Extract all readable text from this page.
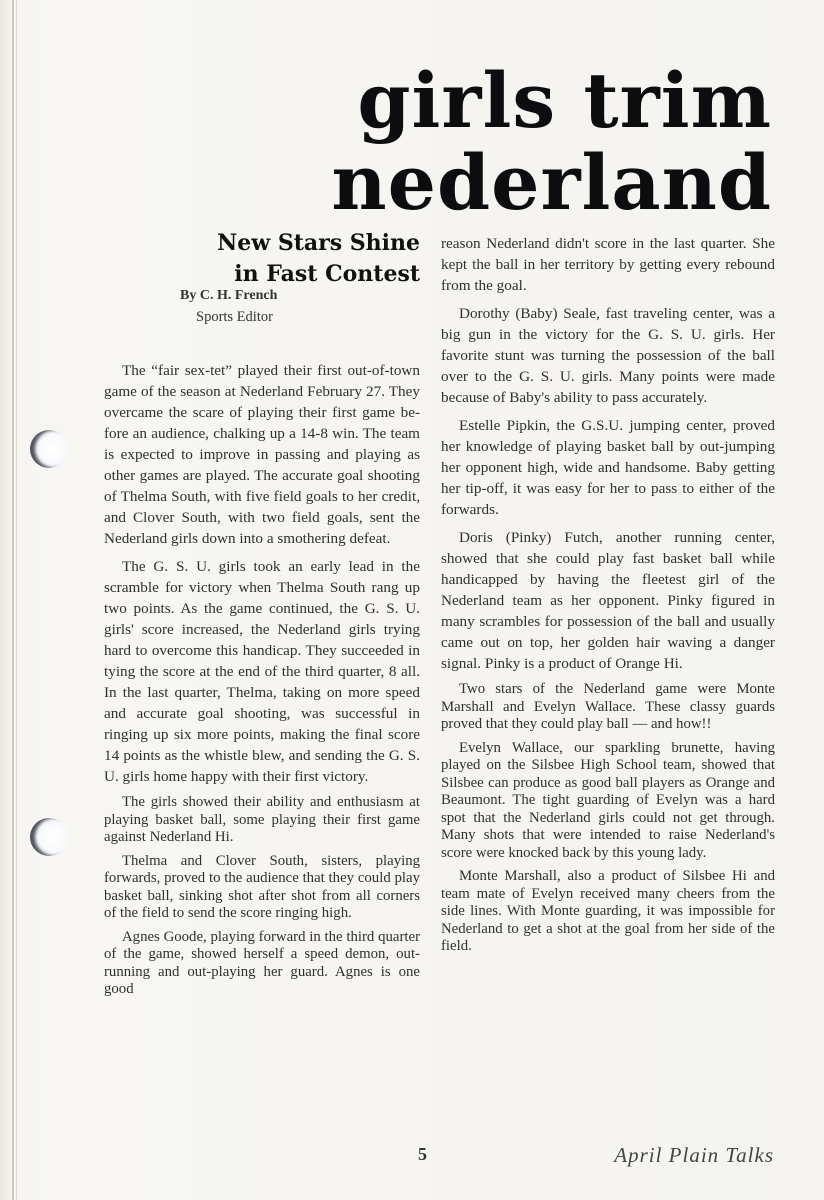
girls trim
nederland
New Stars Shine
in Fast Contest
By C. H. French
Sports Editor

The “fair sex-tet” played their first out-of-town game of the season at Nederland February 27. They overcame the scare of playing their first game before an audience, chalking up a 14-8 win. The team is expected to improve in passing and playing as other games are played. The accurate goal shooting of Thelma South, with five field goals to her credit, and Clover South, with two field goals, sent the Nederland girls down into a smothering defeat.

The G. S. U. girls took an early lead in the scramble for victory when Thelma South rang up two points. As the game continued, the G. S. U. girls' score increased, the Nederland girls trying hard to overcome this handicap. They succeeded in tying the score at the end of the third quarter, 8 all. In the last quarter, Thelma, taking on more speed and accurate goal shooting, was successful in ringing up six more points, making the final score 14 points as the whistle blew, and sending the G. S. U. girls home happy with their first victory.

The girls showed their ability and enthusiasm at playing basket ball, some playing their first game against Nederland Hi.

Thelma and Clover South, sisters, playing forwards, proved to the audience that they could play basket ball, sinking shot after shot from all corners of the field to send the score ringing high.

Agnes Goode, playing forward in the third quarter of the game, showed herself a speed demon, out-running and out-playing her guard. Agnes is one good

reason Nederland didn't score in the last quarter. She kept the ball in her territory by getting every rebound from the goal.

Dorothy (Baby) Seale, fast traveling center, was a big gun in the victory for the G. S. U. girls. Her favorite stunt was turning the possession of the ball over to the G. S. U. girls. Many points were made because of Baby's ability to pass accurately.

Estelle Pipkin, the G.S.U. jumping center, proved her knowledge of playing basket ball by out-jumping her opponent high, wide and handsome. Baby getting her tip-off, it was easy for her to pass to either of the forwards.

Doris (Pinky) Futch, another running center, showed that she could play fast basket ball while handicapped by having the fleetest girl of the Nederland team as her opponent. Pinky figured in many scrambles for possession of the ball and usually came out on top, her golden hair waving a danger signal. Pinky is a product of Orange Hi.

Two stars of the Nederland game were Monte Marshall and Evelyn Wallace. These classy guards proved that they could play ball — and how!!

Evelyn Wallace, our sparkling brunette, having played on the Silsbee High School team, showed that Silsbee can produce as good ball players as Orange and Beaumont. The tight guarding of Evelyn was a hard spot that the Nederland girls could not get through. Many shots that were intended to raise Nederland's score were knocked back by this young lady.

Monte Marshall, also a product of Silsbee Hi and team mate of Evelyn received many cheers from the side lines. With Monte guarding, it was impossible for Nederland to get a shot at the goal from her side of the field.

5	April Plain Talks
